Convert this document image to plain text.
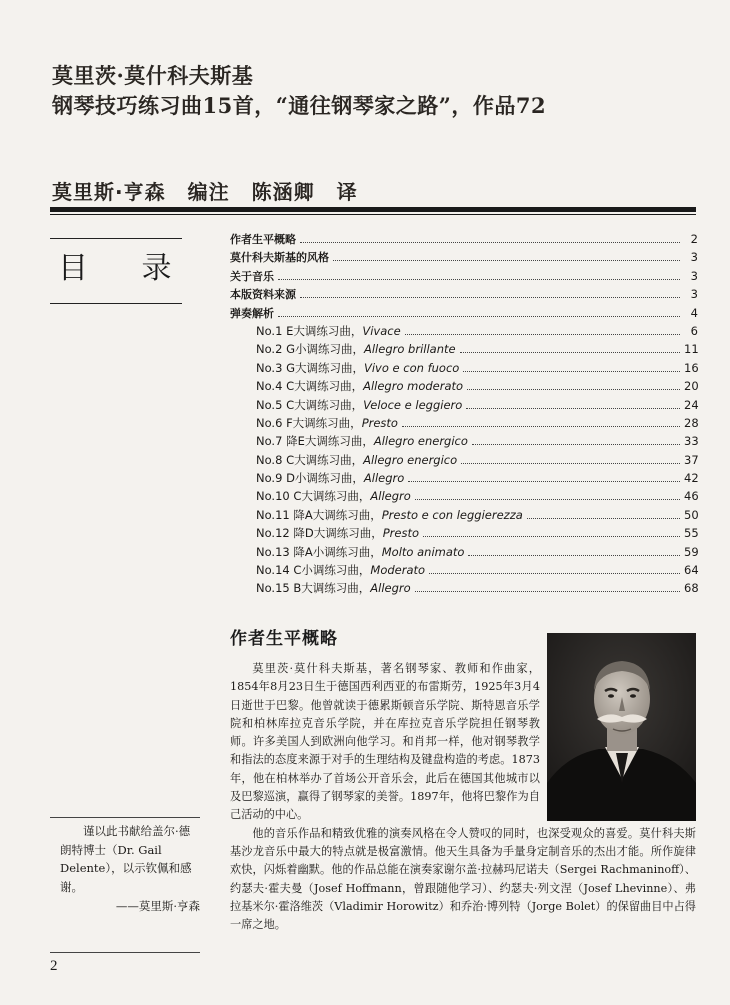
莫里茨·莫什科夫斯基
钢琴技巧练习曲15首，“通往钢琴家之路”，作品72
莫里斯·亨森 编注 陈涵卿 译
目 录
作者生平概略	2
莫什科夫斯基的风格	3
关于音乐	3
本版资料来源	3
弹奏解析	4
No.1 E大调练习曲，Vivace	6
No.2 G小调练习曲，Allegro brillante	11
No.3 G大调练习曲，Vivo e con fuoco	16
No.4 C大调练习曲，Allegro moderato	20
No.5 C大调练习曲，Veloce e leggiero	24
No.6 F大调练习曲，Presto	28
No.7 降E大调练习曲，Allegro energico	33
No.8 C大调练习曲，Allegro energico	37
No.9 D小调练习曲，Allegro	42
No.10 C大调练习曲，Allegro	46
No.11 降A大调练习曲，Presto e con leggierezza	50
No.12 降D大调练习曲，Presto	55
No.13 降A小调练习曲，Molto animato	59
No.14 C小调练习曲，Moderato	64
No.15 B大调练习曲，Allegro	68
作者生平概略

莫里茨·莫什科夫斯基，著名钢琴家、教师和作曲家，1854年8月23日生于德国西利西亚的布雷斯劳，1925年3月4日逝世于巴黎。他曾就读于德累斯顿音乐学院、斯特恩音乐学院和柏林库拉克音乐学院，并在库拉克音乐学院担任钢琴教师。许多美国人到欧洲向他学习。和肖邦一样，他对钢琴教学和指法的态度来源于对手的生理结构及键盘构造的考虑。1873年，他在柏林举办了首场公开音乐会，此后在德国其他城市以及巴黎巡演，赢得了钢琴家的美誉。1897年，他将巴黎作为自己活动的中心。

他的音乐作品和精致优雅的演奏风格在令人赞叹的同时，也深受观众的喜爱。莫什科夫斯基沙龙音乐中最大的特点就是极富激情。他天生具备为手量身定制音乐的杰出才能。所作旋律欢快，闪烁着幽默。他的作品总能在演奏家谢尔盖·拉赫玛尼诺夫（Sergei Rachmaninoff）、约瑟夫·霍夫曼（Josef Hoffmann，曾跟随他学习）、约瑟夫·列文涅（Josef Lhevinne）、弗拉基米尔·霍洛维茨（Vladimir Horowitz）和乔治·博列特（Jorge Bolet）的保留曲目中占得一席之地。

谨以此书献给盖尔·德朗特博士（Dr. Gail Delente），以示钦佩和感谢。

——莫里斯·亨森
2
